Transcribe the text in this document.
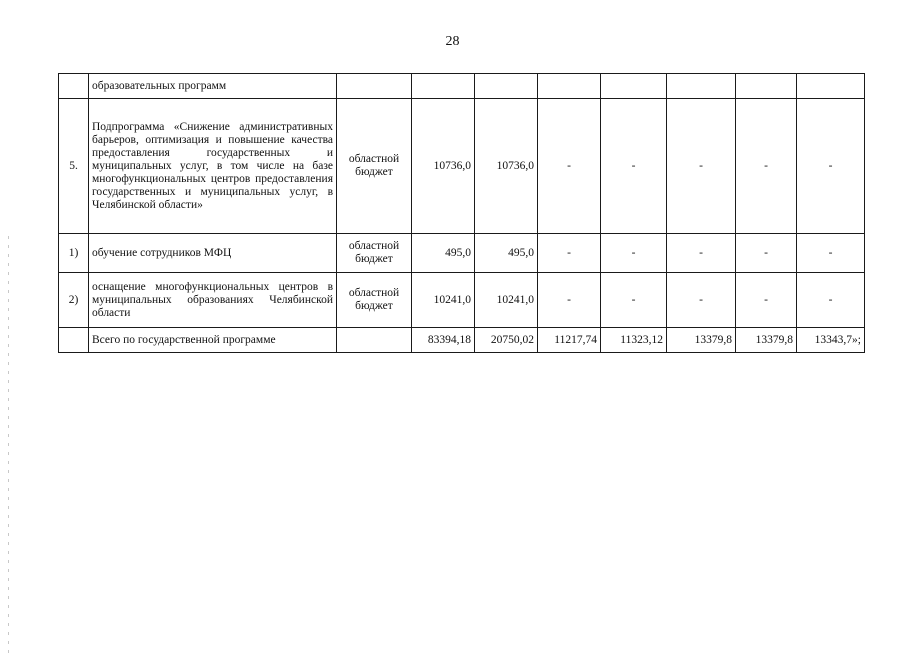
28
	образовательных программ								
5.	Подпрограмма «Снижение административных барьеров, оптимизация и повышение качества предоставления государственных и муниципальных услуг, в том числе на базе многофункциональных центров предоставления государственных и муниципальных услуг, в Челябинской области»	областной бюджет	10736,0	10736,0	-	-	-	-	-
1)	обучение сотрудников МФЦ	областной бюджет	495,0	495,0	-	-	-	-	-
2)	оснащение многофункциональных центров в муниципальных образованиях Челябинской области	областной бюджет	10241,0	10241,0	-	-	-	-	-
	Всего по государственной программе		83394,18	20750,02	11217,74	11323,12	13379,8	13379,8	13343,7»;
